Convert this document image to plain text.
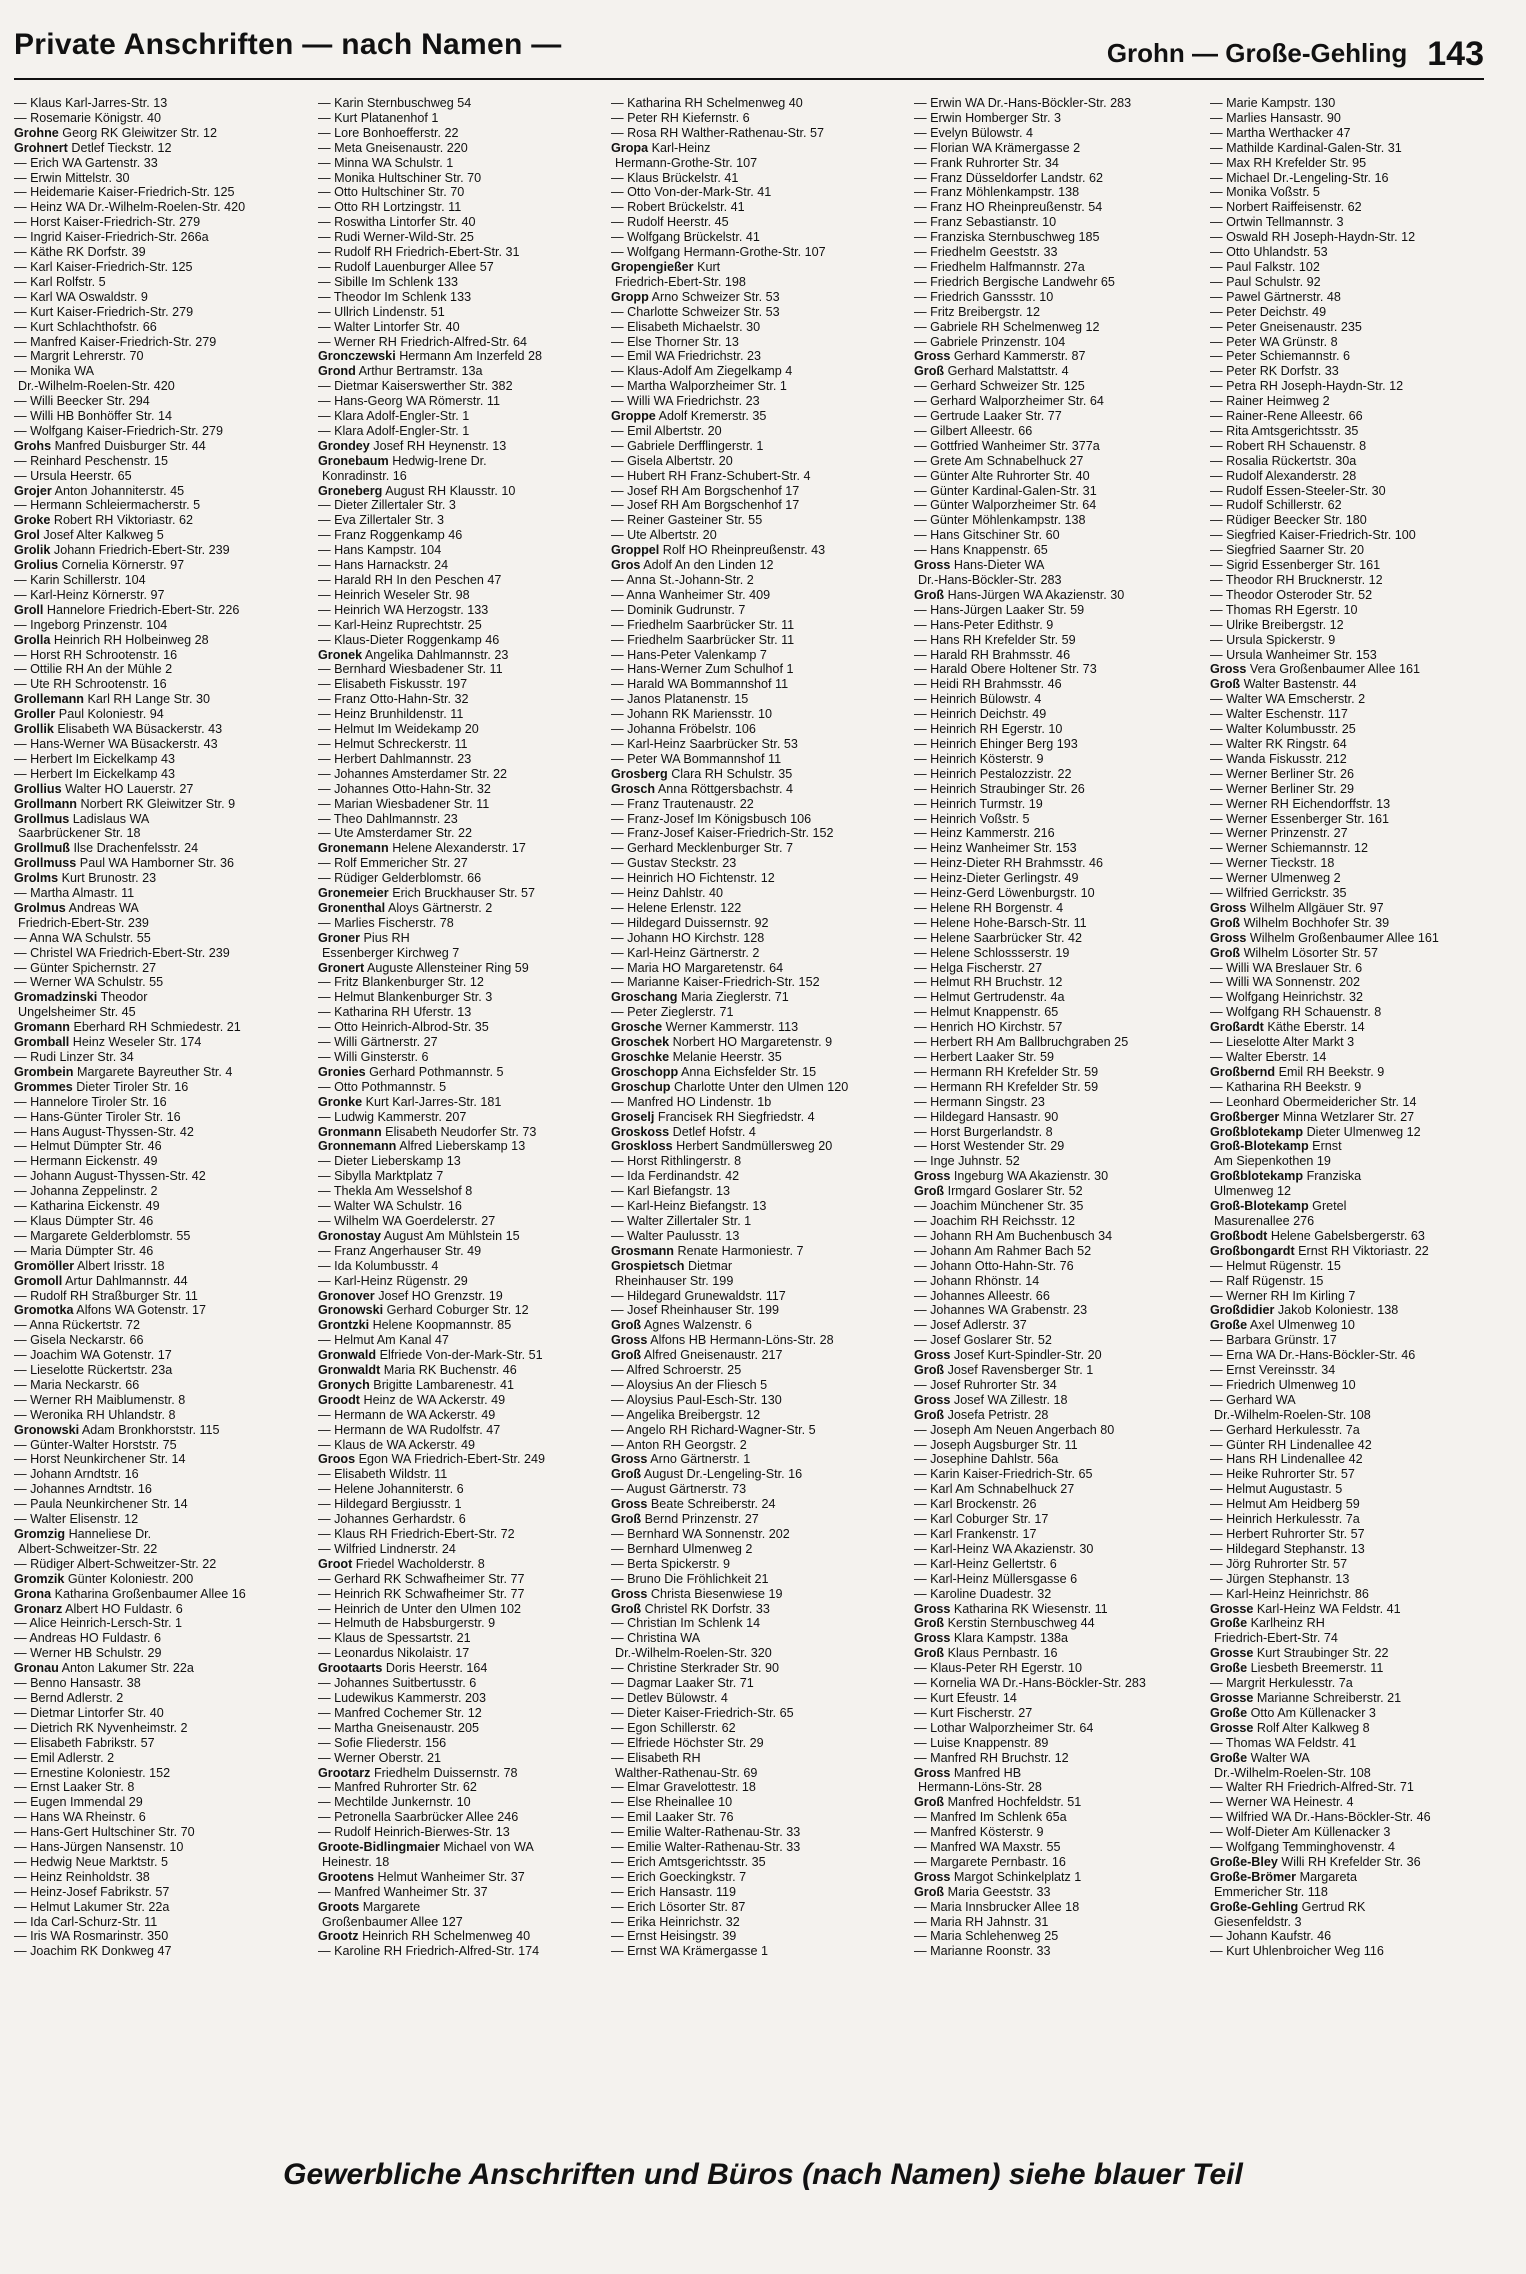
Private Anschriften — nach Namen —	Grohn — Große-Gehling 143
— Klaus Karl-Jarres-Str. 13
— Rosemarie Königstr. 40
Grohne Georg RK Gleiwitzer Str. 12
Grohnert Detlef Tieckstr. 12
— Erich WA Gartenstr. 33
— Erwin Mittelstr. 30
— Heidemarie Kaiser-Friedrich-Str. 125
— Heinz WA Dr.-Wilhelm-Roelen-Str. 420
— Horst Kaiser-Friedrich-Str. 279
— Ingrid Kaiser-Friedrich-Str. 266a
— Käthe RK Dorfstr. 39
— Karl Kaiser-Friedrich-Str. 125
— Karl Rolfstr. 5
— Karl WA Oswaldstr. 9
— Kurt Kaiser-Friedrich-Str. 279
— Kurt Schlachthofstr. 66
— Manfred Kaiser-Friedrich-Str. 279
— Margrit Lehrerstr. 70
— Monika WA
Dr.-Wilhelm-Roelen-Str. 420
— Willi Beecker Str. 294
— Willi HB Bonhöffer Str. 14
— Wolfgang Kaiser-Friedrich-Str. 279
Grohs Manfred Duisburger Str. 44
— Reinhard Peschenstr. 15
— Ursula Heerstr. 65
Grojer Anton Johanniterstr. 45
— Hermann Schleiermacherstr. 5
Groke Robert RH Viktoriastr. 62
Grol Josef Alter Kalkweg 5
Grolik Johann Friedrich-Ebert-Str. 239
Grolius Cornelia Körnerstr. 97
— Karin Schillerstr. 104
— Karl-Heinz Körnerstr. 97
Groll Hannelore Friedrich-Ebert-Str. 226
— Ingeborg Prinzenstr. 104
Grolla Heinrich RH Holbeinweg 28
— Horst RH Schrootenstr. 16
— Ottilie RH An der Mühle 2
— Ute RH Schrootenstr. 16
Grollemann Karl RH Lange Str. 30
Groller Paul Koloniestr. 94
Grollik Elisabeth WA Büsackerstr. 43
— Hans-Werner WA Büsackerstr. 43
— Herbert Im Eickelkamp 43
— Herbert Im Eickelkamp 43
Grollius Walter HO Lauerstr. 27
Grollmann Norbert RK Gleiwitzer Str. 9
Grollmus Ladislaus WA
Saarbrückener Str. 18
Grollmuß Ilse Drachenfelsstr. 24
Grollmuss Paul WA Hamborner Str. 36
Grolms Kurt Brunostr. 23
— Martha Almastr. 11
Grolmus Andreas WA
Friedrich-Ebert-Str. 239
— Anna WA Schulstr. 55
— Christel WA Friedrich-Ebert-Str. 239
— Günter Spichernstr. 27
— Werner WA Schulstr. 55
Gromadzinski Theodor
Ungelsheimer Str. 45
Gromann Eberhard RH Schmiedestr. 21
Gromball Heinz Weseler Str. 174
— Rudi Linzer Str. 34
Grombein Margarete Bayreuther Str. 4
Grommes Dieter Tiroler Str. 16
— Hannelore Tiroler Str. 16
— Hans-Günter Tiroler Str. 16
— Hans August-Thyssen-Str. 42
— Helmut Dümpter Str. 46
— Hermann Eickenstr. 49
— Johann August-Thyssen-Str. 42
— Johanna Zeppelinstr. 2
— Katharina Eickenstr. 49
— Klaus Dümpter Str. 46
— Margarete Gelderblomstr. 55
— Maria Dümpter Str. 46
Gromöller Albert Irisstr. 18
Gromoll Artur Dahlmannstr. 44
— Rudolf RH Straßburger Str. 11
Gromotka Alfons WA Gotenstr. 17
— Anna Rückertstr. 72
— Gisela Neckarstr. 66
— Joachim WA Gotenstr. 17
— Lieselotte Rückertstr. 23a
— Maria Neckarstr. 66
— Werner RH Maiblumenstr. 8
— Weronika RH Uhlandstr. 8
Gronowski Adam Bronkhorststr. 115
— Günter-Walter Horststr. 75
— Horst Neunkirchener Str. 14
— Johann Arndtstr. 16
— Johannes Arndtstr. 16
— Paula Neunkirchener Str. 14
— Walter Elisenstr. 12
Gromzig Hanneliese Dr.
Albert-Schweitzer-Str. 22
— Rüdiger Albert-Schweitzer-Str. 22
Gromzik Günter Koloniestr. 200
Grona Katharina Großenbaumer Allee 16
Gronarz Albert HO Fuldastr. 6
— Alice Heinrich-Lersch-Str. 1
— Andreas HO Fuldastr. 6
— Werner HB Schulstr. 29
Gronau Anton Lakumer Str. 22a
— Benno Hansastr. 38
— Bernd Adlerstr. 2
— Dietmar Lintorfer Str. 40
— Dietrich RK Nyvenheimstr. 2
— Elisabeth Fabrikstr. 57
— Emil Adlerstr. 2
— Ernestine Koloniestr. 152
— Ernst Laaker Str. 8
— Eugen Immendal 29
— Hans WA Rheinstr. 6
— Hans-Gert Hultschiner Str. 70
— Hans-Jürgen Nansenstr. 10
— Hedwig Neue Marktstr. 5
— Heinz Reinholdstr. 38
— Heinz-Josef Fabrikstr. 57
— Helmut Lakumer Str. 22a
— Ida Carl-Schurz-Str. 11
— Iris WA Rosmarinstr. 350
— Joachim RK Donkweg 47
— Karin Sternbuschweg 54
— Kurt Platanenhof 1
— Lore Bonhoefferstr. 22
— Meta Gneisenaustr. 220
— Minna WA Schulstr. 1
— Monika Hultschiner Str. 70
— Otto Hultschiner Str. 70
— Otto RH Lortzingstr. 11
— Roswitha Lintorfer Str. 40
— Rudi Werner-Wild-Str. 25
— Rudolf RH Friedrich-Ebert-Str. 31
— Rudolf Lauenburger Allee 57
— Sibille Im Schlenk 133
— Theodor Im Schlenk 133
— Ullrich Lindenstr. 51
— Walter Lintorfer Str. 40
— Werner RH Friedrich-Alfred-Str. 64
Gronczewski Hermann Am Inzerfeld 28
Grond Arthur Bertramstr. 13a
— Dietmar Kaiserswerther Str. 382
— Hans-Georg WA Römerstr. 11
— Klara Adolf-Engler-Str. 1
— Klara Adolf-Engler-Str. 1
Grondey Josef RH Heynenstr. 13
Gronebaum Hedwig-Irene Dr.
Konradinstr. 16
Groneberg August RH Klausstr. 10
— Dieter Zillertaler Str. 3
— Eva Zillertaler Str. 3
— Franz Roggenkamp 46
— Hans Kampstr. 104
— Hans Harnackstr. 24
— Harald RH In den Peschen 47
— Heinrich Weseler Str. 98
— Heinrich WA Herzogstr. 133
— Karl-Heinz Ruprechtstr. 25
— Klaus-Dieter Roggenkamp 46
Gronek Angelika Dahlmannstr. 23
— Bernhard Wiesbadener Str. 11
— Elisabeth Fiskusstr. 197
— Franz Otto-Hahn-Str. 32
— Heinz Brunhildenstr. 11
— Helmut Im Weidekamp 20
— Helmut Schreckerstr. 11
— Herbert Dahlmannstr. 23
— Johannes Amsterdamer Str. 22
— Johannes Otto-Hahn-Str. 32
— Marian Wiesbadener Str. 11
— Theo Dahlmannstr. 23
— Ute Amsterdamer Str. 22
Gronemann Helene Alexanderstr. 17
— Rolf Emmericher Str. 27
— Rüdiger Gelderblomstr. 66
Gronemeier Erich Bruckhauser Str. 57
Gronenthal Aloys Gärtnerstr. 2
— Marlies Fischerstr. 78
Groner Pius RH
Essenberger Kirchweg 7
Gronert Auguste Allensteiner Ring 59
— Fritz Blankenburger Str. 12
— Helmut Blankenburger Str. 3
— Katharina RH Uferstr. 13
— Otto Heinrich-Albrod-Str. 35
— Willi Gärtnerstr. 27
— Willi Ginsterstr. 6
Gronies Gerhard Pothmannstr. 5
— Otto Pothmannstr. 5
Gronke Kurt Karl-Jarres-Str. 181
— Ludwig Kammerstr. 207
Gronmann Elisabeth Neudorfer Str. 73
Gronnemann Alfred Lieberskamp 13
— Dieter Lieberskamp 13
— Sibylla Marktplatz 7
— Thekla Am Wesselshof 8
— Walter WA Schulstr. 16
— Wilhelm WA Goerdelerstr. 27
Gronostay August Am Mühlstein 15
— Franz Angerhauser Str. 49
— Ida Kolumbusstr. 4
— Karl-Heinz Rügenstr. 29
Gronover Josef HO Grenzstr. 19
Gronowski Gerhard Coburger Str. 12
Grontzki Helene Koopmannstr. 85
— Helmut Am Kanal 47
Gronwald Elfriede Von-der-Mark-Str. 51
Gronwaldt Maria RK Buchenstr. 46
Gronych Brigitte Lambarenestr. 41
Groodt Heinz de WA Ackerstr. 49
— Hermann de WA Ackerstr. 49
— Hermann de WA Rudolfstr. 47
— Klaus de WA Ackerstr. 49
Groos Egon WA Friedrich-Ebert-Str. 249
— Elisabeth Wildstr. 11
— Helene Johanniterstr. 6
— Hildegard Bergiusstr. 1
— Johannes Gerhardstr. 6
— Klaus RH Friedrich-Ebert-Str. 72
— Wilfried Lindnerstr. 24
Groot Friedel Wacholderstr. 8
— Gerhard RK Schwafheimer Str. 77
— Heinrich RK Schwafheimer Str. 77
— Heinrich de Unter den Ulmen 102
— Helmuth de Habsburgerstr. 9
— Klaus de Spessartstr. 21
— Leonardus Nikolaistr. 17
Grootaarts Doris Heerstr. 164
— Johannes Suitbertusstr. 6
— Ludewikus Kammerstr. 203
— Manfred Cochemer Str. 12
— Martha Gneisenaustr. 205
— Sofie Fliederstr. 156
— Werner Oberstr. 21
Grootarz Friedhelm Duissernstr. 78
— Manfred Ruhrorter Str. 62
— Mechtilde Junkernstr. 10
— Petronella Saarbrücker Allee 246
— Rudolf Heinrich-Bierwes-Str. 13
Groote-Bidlingmaier Michael von WA
Heinestr. 18
Grootens Helmut Wanheimer Str. 37
— Manfred Wanheimer Str. 37
Groots Margarete
Großenbaumer Allee 127
Grootz Heinrich RH Schelmenweg 40
— Karoline RH Friedrich-Alfred-Str. 174
— Katharina RH Schelmenweg 40
— Peter RH Kiefernstr. 6
— Rosa RH Walther-Rathenau-Str. 57
Gropa Karl-Heinz
Hermann-Grothe-Str. 107
— Klaus Brückelstr. 41
— Otto Von-der-Mark-Str. 41
— Robert Brückelstr. 41
— Rudolf Heerstr. 45
— Wolfgang Brückelstr. 41
— Wolfgang Hermann-Grothe-Str. 107
Gropengießer Kurt
Friedrich-Ebert-Str. 198
Gropp Arno Schweizer Str. 53
— Charlotte Schweizer Str. 53
— Elisabeth Michaelstr. 30
— Else Thorner Str. 13
— Emil WA Friedrichstr. 23
— Klaus-Adolf Am Ziegelkamp 4
— Martha Walporzheimer Str. 1
— Willi WA Friedrichstr. 23
Groppe Adolf Kremerstr. 35
— Emil Albertstr. 20
— Gabriele Derfflingerstr. 1
— Gisela Albertstr. 20
— Hubert RH Franz-Schubert-Str. 4
— Josef RH Am Borgschenhof 17
— Josef RH Am Borgschenhof 17
— Reiner Gasteiner Str. 55
— Ute Albertstr. 20
Groppel Rolf HO Rheinpreußenstr. 43
Gros Adolf An den Linden 12
— Anna St.-Johann-Str. 2
— Anna Wanheimer Str. 409
— Dominik Gudrunstr. 7
— Friedhelm Saarbrücker Str. 11
— Friedhelm Saarbrücker Str. 11
— Hans-Peter Valenkamp 7
— Hans-Werner Zum Schulhof 1
— Harald WA Bommannshof 11
— Janos Platanenstr. 15
— Johann RK Mariensstr. 10
— Johanna Fröbelstr. 106
— Karl-Heinz Saarbrücker Str. 53
— Peter WA Bommannshof 11
Grosberg Clara RH Schulstr. 35
Grosch Anna Röttgersbachstr. 4
— Franz Trautenaustr. 22
— Franz-Josef Im Königsbusch 106
— Franz-Josef Kaiser-Friedrich-Str. 152
— Gerhard Mecklenburger Str. 7
— Gustav Steckstr. 23
— Heinrich HO Fichtenstr. 12
— Heinz Dahlstr. 40
— Helene Erlenstr. 122
— Hildegard Duissernstr. 92
— Johann HO Kirchstr. 128
— Karl-Heinz Gärtnerstr. 2
— Maria HO Margaretenstr. 64
— Marianne Kaiser-Friedrich-Str. 152
Groschang Maria Zieglerstr. 71
— Peter Zieglerstr. 71
Grosche Werner Kammerstr. 113
Groschek Norbert HO Margaretenstr. 9
Groschke Melanie Heerstr. 35
Groschopp Anna Eichsfelder Str. 15
Groschup Charlotte Unter den Ulmen 120
— Manfred HO Lindenstr. 1b
Groselj Francisek RH Siegfriedstr. 4
Groskoss Detlef Hofstr. 4
Groskloss Herbert Sandmüllersweg 20
— Horst Rithlingerstr. 8
— Ida Ferdinandstr. 42
— Karl Biefangstr. 13
— Karl-Heinz Biefangstr. 13
— Walter Zillertaler Str. 1
— Walter Paulusstr. 13
Grosmann Renate Harmoniestr. 7
Grospietsch Dietmar
Rheinhauser Str. 199
— Hildegard Grunewaldstr. 117
— Josef Rheinhauser Str. 199
Groß Agnes Walzenstr. 6
Gross Alfons HB Hermann-Löns-Str. 28
Groß Alfred Gneisenaustr. 217
— Alfred Schroerstr. 25
— Aloysius An der Fliesch 5
— Aloysius Paul-Esch-Str. 130
— Angelika Breibergstr. 12
— Angelo RH Richard-Wagner-Str. 5
— Anton RH Georgstr. 2
Gross Arno Gärtnerstr. 1
Groß August Dr.-Lengeling-Str. 16
— August Gärtnerstr. 73
Gross Beate Schreiberstr. 24
Groß Bernd Prinzenstr. 27
— Bernhard WA Sonnenstr. 202
— Bernhard Ulmenweg 2
— Berta Spickerstr. 9
— Bruno Die Fröhlichkeit 21
Gross Christa Biesenwiese 19
Groß Christel RK Dorfstr. 33
— Christian Im Schlenk 14
— Christina WA
Dr.-Wilhelm-Roelen-Str. 320
— Christine Sterkrader Str. 90
— Dagmar Laaker Str. 71
— Detlev Bülowstr. 4
— Dieter Kaiser-Friedrich-Str. 65
— Egon Schillerstr. 62
— Elfriede Höchster Str. 29
— Elisabeth RH
Walther-Rathenau-Str. 69
— Elmar Gravelottestr. 18
— Else Rheinallee 10
— Emil Laaker Str. 76
— Emilie Walter-Rathenau-Str. 33
— Emilie Walter-Rathenau-Str. 33
— Erich Amtsgerichtsstr. 35
— Erich Goeckingkstr. 7
— Erich Hansastr. 119
— Erich Lösorter Str. 87
— Erika Heinrichstr. 32
— Ernst Heisingstr. 39
— Ernst WA Krämergasse 1
— Erwin WA Dr.-Hans-Böckler-Str. 283
— Erwin Homberger Str. 3
— Evelyn Bülowstr. 4
— Florian WA Krämergasse 2
— Frank Ruhrorter Str. 34
— Franz Düsseldorfer Landstr. 62
— Franz Möhlenkampstr. 138
— Franz HO Rheinpreußenstr. 54
— Franz Sebastianstr. 10
— Franziska Sternbuschweg 185
— Friedhelm Geeststr. 33
— Friedhelm Halfmannstr. 27a
— Friedrich Bergische Landwehr 65
— Friedrich Ganssstr. 10
— Fritz Breibergstr. 12
— Gabriele RH Schelmenweg 12
— Gabriele Prinzenstr. 104
Gross Gerhard Kammerstr. 87
Groß Gerhard Malstattstr. 4
— Gerhard Schweizer Str. 125
— Gerhard Walporzheimer Str. 64
— Gertrude Laaker Str. 77
— Gilbert Alleestr. 66
— Gottfried Wanheimer Str. 377a
— Grete Am Schnabelhuck 27
— Günter Alte Ruhrorter Str. 40
— Günter Kardinal-Galen-Str. 31
— Günter Walporzheimer Str. 64
— Günter Möhlenkampstr. 138
— Hans Gitschiner Str. 60
— Hans Knappenstr. 65
Gross Hans-Dieter WA
Dr.-Hans-Böckler-Str. 283
Groß Hans-Jürgen WA Akazienstr. 30
— Hans-Jürgen Laaker Str. 59
— Hans-Peter Edithstr. 9
— Hans RH Krefelder Str. 59
— Harald RH Brahmsstr. 46
— Harald Obere Holtener Str. 73
— Heidi RH Brahmsstr. 46
— Heinrich Bülowstr. 4
— Heinrich Deichstr. 49
— Heinrich RH Egerstr. 10
— Heinrich Ehinger Berg 193
— Heinrich Kösterstr. 9
— Heinrich Pestalozzistr. 22
— Heinrich Straubinger Str. 26
— Heinrich Turmstr. 19
— Heinrich Voßstr. 5
— Heinz Kammerstr. 216
— Heinz Wanheimer Str. 153
— Heinz-Dieter RH Brahmsstr. 46
— Heinz-Dieter Gerlingstr. 49
— Heinz-Gerd Löwenburgstr. 10
— Helene RH Borgenstr. 4
— Helene Hohe-Barsch-Str. 11
— Helene Saarbrücker Str. 42
— Helene Schlossserstr. 19
— Helga Fischerstr. 27
— Helmut RH Bruchstr. 12
— Helmut Gertrudenstr. 4a
— Helmut Knappenstr. 65
— Henrich HO Kirchstr. 57
— Herbert RH Am Ballbruchgraben 25
— Herbert Laaker Str. 59
— Hermann RH Krefelder Str. 59
— Hermann RH Krefelder Str. 59
— Hermann Singstr. 23
— Hildegard Hansastr. 90
— Horst Burgerlandstr. 8
— Horst Westender Str. 29
— Inge Juhnstr. 52
Gross Ingeburg WA Akazienstr. 30
Groß Irmgard Goslarer Str. 52
— Joachim Münchener Str. 35
— Joachim RH Reichsstr. 12
— Johann RH Am Buchenbusch 34
— Johann Am Rahmer Bach 52
— Johann Otto-Hahn-Str. 76
— Johann Rhönstr. 14
— Johannes Alleestr. 66
— Johannes WA Grabenstr. 23
— Josef Adlerstr. 37
— Josef Goslarer Str. 52
Gross Josef Kurt-Spindler-Str. 20
Groß Josef Ravensberger Str. 1
— Josef Ruhrorter Str. 34
Gross Josef WA Zillestr. 18
Groß Josefa Petristr. 28
— Joseph Am Neuen Angerbach 80
— Joseph Augsburger Str. 11
— Josephine Dahlstr. 56a
— Karin Kaiser-Friedrich-Str. 65
— Karl Am Schnabelhuck 27
— Karl Brockenstr. 26
— Karl Coburger Str. 17
— Karl Frankenstr. 17
— Karl-Heinz WA Akazienstr. 30
— Karl-Heinz Gellertstr. 6
— Karl-Heinz Müllersgasse 6
— Karoline Duadestr. 32
Gross Katharina RK Wiesenstr. 11
Groß Kerstin Sternbuschweg 44
Gross Klara Kampstr. 138a
Groß Klaus Pernbastr. 16
— Klaus-Peter RH Egerstr. 10
— Kornelia WA Dr.-Hans-Böckler-Str. 283
— Kurt Efeustr. 14
— Kurt Fischerstr. 27
— Lothar Walporzheimer Str. 64
— Luise Knappenstr. 89
— Manfred RH Bruchstr. 12
Gross Manfred HB
Hermann-Löns-Str. 28
Groß Manfred Hochfeldstr. 51
— Manfred Im Schlenk 65a
— Manfred Kösterstr. 9
— Manfred WA Maxstr. 55
— Margarete Pernbastr. 16
Gross Margot Schinkelplatz 1
Groß Maria Geeststr. 33
— Maria Innsbrucker Allee 18
— Maria RH Jahnstr. 31
— Maria Schlehenweg 25
— Marianne Roonstr. 33
— Marie Kampstr. 130
— Marlies Hansastr. 90
— Martha Werthacker 47
— Mathilde Kardinal-Galen-Str. 31
— Max RH Krefelder Str. 95
— Michael Dr.-Lengeling-Str. 16
— Monika Voßstr. 5
— Norbert Raiffeisenstr. 62
— Ortwin Tellmannstr. 3
— Oswald RH Joseph-Haydn-Str. 12
— Otto Uhlandstr. 53
— Paul Falkstr. 102
— Paul Schulstr. 92
— Pawel Gärtnerstr. 48
— Peter Deichstr. 49
— Peter Gneisenaustr. 235
— Peter WA Grünstr. 8
— Peter Schiemannstr. 6
— Peter RK Dorfstr. 33
— Petra RH Joseph-Haydn-Str. 12
— Rainer Heimweg 2
— Rainer-Rene Alleestr. 66
— Rita Amtsgerichtsstr. 35
— Robert RH Schauenstr. 8
— Rosalia Rückertstr. 30a
— Rudolf Alexanderstr. 28
— Rudolf Essen-Steeler-Str. 30
— Rudolf Schillerstr. 62
— Rüdiger Beecker Str. 180
— Siegfried Kaiser-Friedrich-Str. 100
— Siegfried Saarner Str. 20
— Sigrid Essenberger Str. 161
— Theodor RH Brucknerstr. 12
— Theodor Osteroder Str. 52
— Thomas RH Egerstr. 10
— Ulrike Breibergstr. 12
— Ursula Spickerstr. 9
— Ursula Wanheimer Str. 153
Gross Vera Großenbaumer Allee 161
Groß Walter Bastenstr. 44
— Walter WA Emscherstr. 2
— Walter Eschenstr. 117
— Walter Kolumbusstr. 25
— Walter RK Ringstr. 64
— Wanda Fiskusstr. 212
— Werner Berliner Str. 26
— Werner Berliner Str. 29
— Werner RH Eichendorffstr. 13
— Werner Essenberger Str. 161
— Werner Prinzenstr. 27
— Werner Schiemannstr. 12
— Werner Tieckstr. 18
— Werner Ulmenweg 2
— Wilfried Gerrickstr. 35
Gross Wilhelm Allgäuer Str. 97
Groß Wilhelm Bochhofer Str. 39
Gross Wilhelm Großenbaumer Allee 161
Groß Wilhelm Lösorter Str. 57
— Willi WA Breslauer Str. 6
— Willi WA Sonnenstr. 202
— Wolfgang Heinrichstr. 32
— Wolfgang RH Schauenstr. 8
Großardt Käthe Eberstr. 14
— Lieselotte Alter Markt 3
— Walter Eberstr. 14
Großbernd Emil RH Beekstr. 9
— Katharina RH Beekstr. 9
— Leonhard Obermeidericher Str. 14
Großberger Minna Wetzlarer Str. 27
Großblotekamp Dieter Ulmenweg 12
Groß-Blotekamp Ernst
Am Siepenkothen 19
Großblotekamp Franziska
Ulmenweg 12
Groß-Blotekamp Gretel
Masurenallee 276
Großbodt Helene Gabelsbergerstr. 63
Großbongardt Ernst RH Viktoriastr. 22
— Helmut Rügenstr. 15
— Ralf Rügenstr. 15
— Werner RH Im Kirling 7
Großdidier Jakob Koloniestr. 138
Große Axel Ulmenweg 10
— Barbara Grünstr. 17
— Erna WA Dr.-Hans-Böckler-Str. 46
— Ernst Vereinsstr. 34
— Friedrich Ulmenweg 10
— Gerhard WA
Dr.-Wilhelm-Roelen-Str. 108
— Gerhard Herkulesstr. 7a
— Günter RH Lindenallee 42
— Hans RH Lindenallee 42
— Heike Ruhrorter Str. 57
— Helmut Augustastr. 5
— Helmut Am Heidberg 59
— Heinrich Herkulesstr. 7a
— Herbert Ruhrorter Str. 57
— Hildegard Stephanstr. 13
— Jörg Ruhrorter Str. 57
— Jürgen Stephanstr. 13
— Karl-Heinz Heinrichstr. 86
Grosse Karl-Heinz WA Feldstr. 41
Große Karlheinz RH
Friedrich-Ebert-Str. 74
Grosse Kurt Straubinger Str. 22
Große Liesbeth Breemerstr. 11
— Margrit Herkulesstr. 7a
Grosse Marianne Schreiberstr. 21
Große Otto Am Küllenacker 3
Grosse Rolf Alter Kalkweg 8
— Thomas WA Feldstr. 41
Große Walter WA
Dr.-Wilhelm-Roelen-Str. 108
— Walter RH Friedrich-Alfred-Str. 71
— Werner WA Heinestr. 4
— Wilfried WA Dr.-Hans-Böckler-Str. 46
— Wolf-Dieter Am Küllenacker 3
— Wolfgang Temminghovenstr. 4
Große-Bley Willi RH Krefelder Str. 36
Große-Brömer Margareta
Emmericher Str. 118
Große-Gehling Gertrud RK
Giesenfeldstr. 3
— Johann Kaufstr. 46
— Kurt Uhlenbroicher Weg 116
Gewerbliche Anschriften und Büros (nach Namen) siehe blauer Teil
